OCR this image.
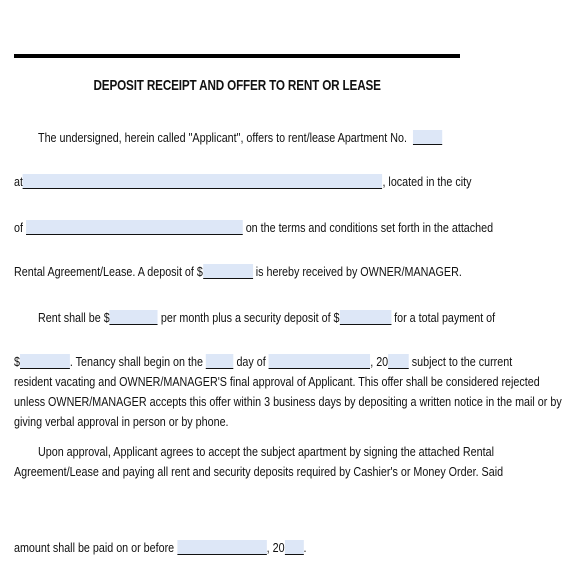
DEPOSIT RECEIPT AND OFFER TO RENT OR LEASE
The undersigned, herein called "Applicant", offers to rent/lease Apartment No.
at	, located in the city
of	on the terms and conditions set forth in the attached
Rental Agreement/Lease. A deposit of $	is hereby received by OWNER/MANAGER.
Rent shall be $	per month plus a security deposit of $	for a total payment of
$	. Tenancy shall begin on the	day of	, 20 subject to the current
resident vacating and OWNER/MANAGER'S final approval of Applicant. This offer shall be considered rejected
unless OWNER/MANAGER accepts this offer within 3 business days by depositing a written notice in the mail or by
giving verbal approval in person or by phone.
Upon approval, Applicant agrees to accept the subject apartment by signing the attached Rental
Agreement/Lease and paying all rent and security deposits required by Cashier's or Money Order. Said
amount shall be paid on or before	, 20 .
